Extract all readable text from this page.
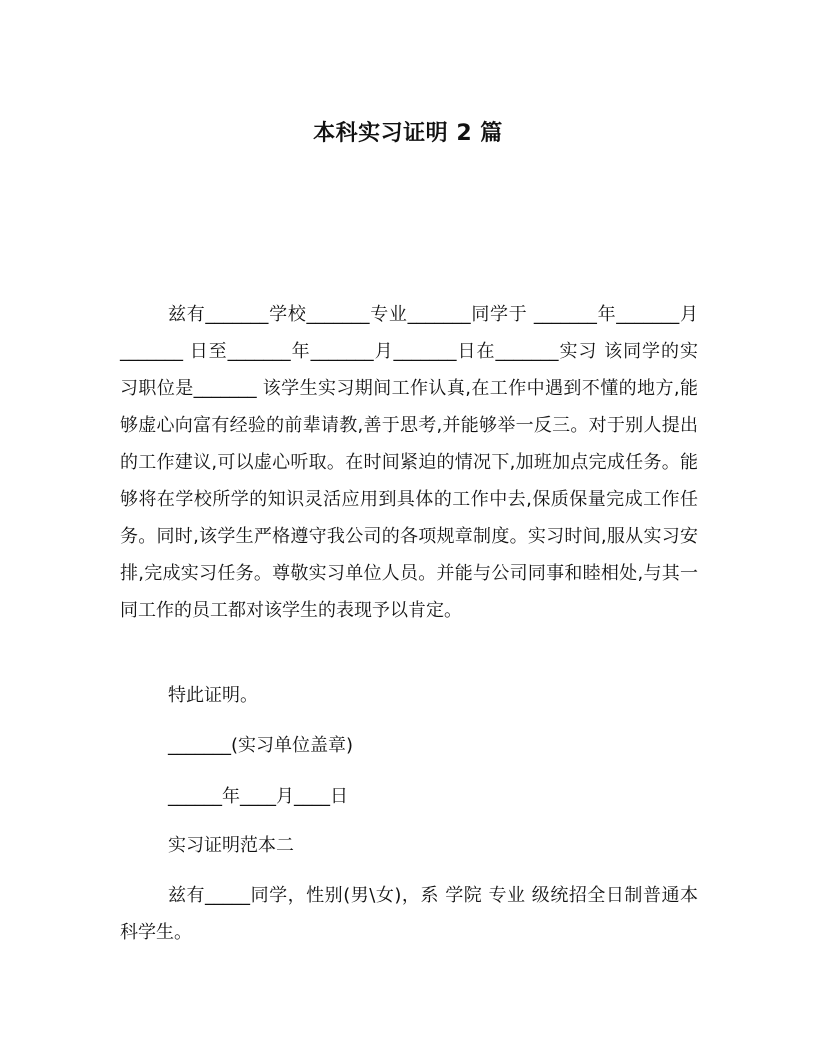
本科实习证明 2 篇

兹有_______学校_______专业_______同学于 _______年_______月_______ 日至_______年_______月_______日在_______实习 该同学的实习职位是_______ 该学生实习期间工作认真,在工作中遇到不懂的地方,能够虚心向富有经验的前辈请教,善于思考,并能够举一反三。对于别人提出的工作建议,可以虚心听取。在时间紧迫的情况下,加班加点完成任务。能够将在学校所学的知识灵活应用到具体的工作中去,保质保量完成工作任务。同时,该学生严格遵守我公司的各项规章制度。实习时间,服从实习安排,完成实习任务。尊敬实习单位人员。并能与公司同事和睦相处,与其一同工作的员工都对该学生的表现予以肯定。

特此证明。

_______(实习单位盖章)

______年____月____日

实习证明范本二

兹有_____同学，性别(男\女)，系 学院 专业 级统招全日制普通本科学生。
